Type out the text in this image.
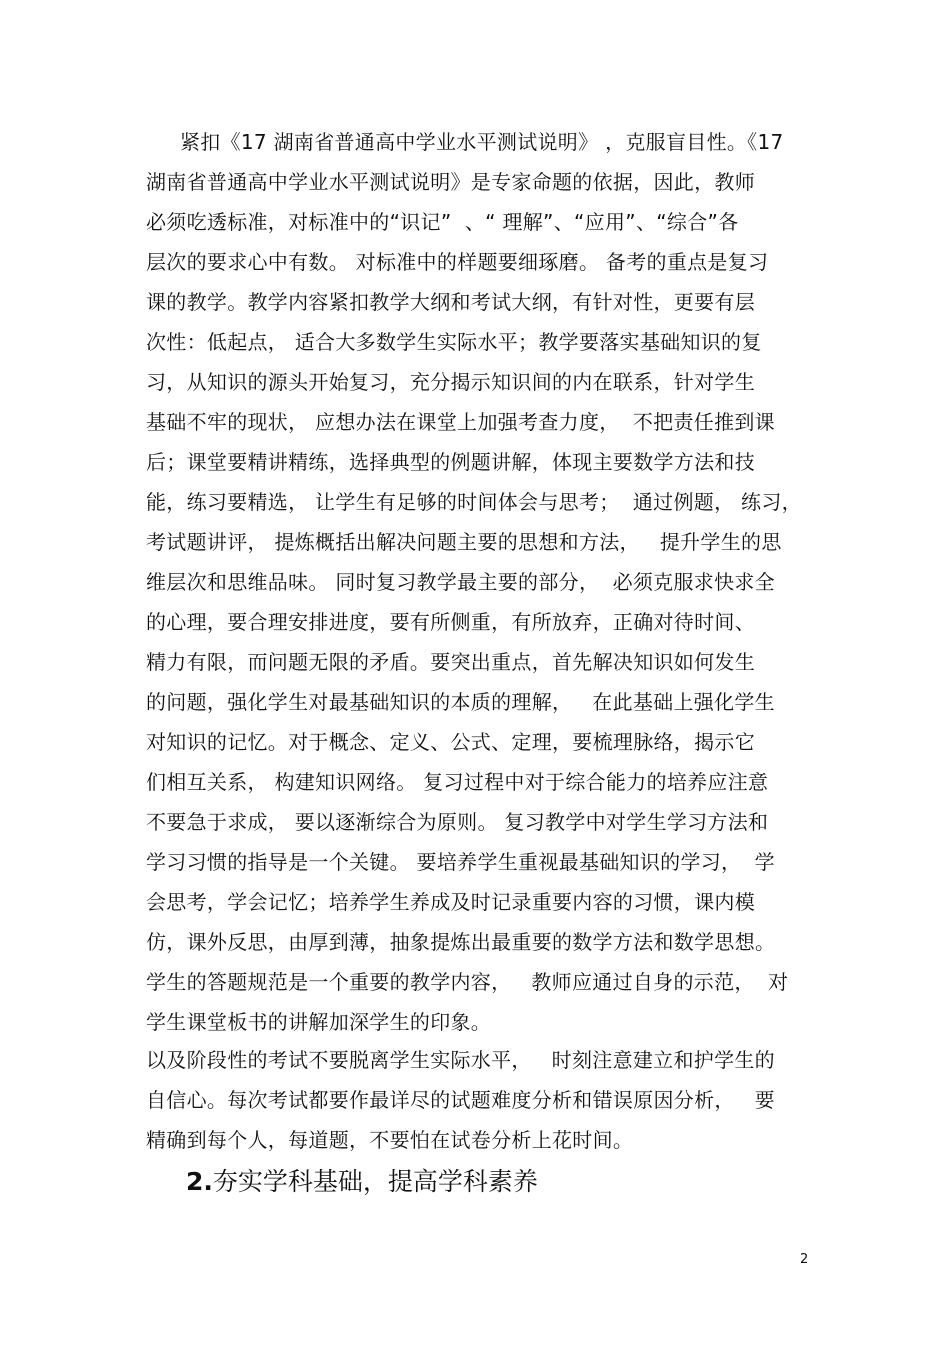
紧扣《17 湖南省普通高中学业水平测试说明》 ，克服盲目性。《17
湖南省普通高中学业水平测试说明》是专家命题的依据，因此，教师
必须吃透标准，对标准中的“识记”  、“ 理解”、“应用”、“综合”各
层次的要求心中有数。 对标准中的样题要细琢磨。 备考的重点是复习
课的教学。教学内容紧扣教学大纲和考试大纲，有针对性，更要有层
次性：低起点， 适合大多数学生实际水平；教学要落实基础知识的复
习，从知识的源头开始复习，充分揭示知识间的内在联系，针对学生
基础不牢的现状， 应想办法在课堂上加强考查力度，  不把责任推到课
后；课堂要精讲精练，选择典型的例题讲解，体现主要数学方法和技
能，练习要精选， 让学生有足够的时间体会与思考；  通过例题， 练习，
考试题讲评， 提炼概括出解决问题主要的思想和方法，   提升学生的思
维层次和思维品味。 同时复习教学最主要的部分，  必须克服求快求全
的心理，要合理安排进度，要有所侧重，有所放弃，正确对待时间、
精力有限，而问题无限的矛盾。要突出重点，首先解决知识如何发生
的问题，强化学生对最基础知识的本质的理解，   在此基础上强化学生
对知识的记忆。对于概念、定义、公式、定理，要梳理脉络，揭示它
们相互关系， 构建知识网络。 复习过程中对于综合能力的培养应注意
不要急于求成， 要以逐渐综合为原则。 复习教学中对学生学习方法和
学习习惯的指导是一个关键。 要培养学生重视最基础知识的学习，  学
会思考，学会记忆；培养学生养成及时记录重要内容的习惯，课内模
仿，课外反思，由厚到薄，抽象提炼出最重要的数学方法和数学思想。
学生的答题规范是一个重要的教学内容，   教师应通过自身的示范，  对
学生课堂板书的讲解加深学生的印象。
以及阶段性的考试不要脱离学生实际水平，   时刻注意建立和护学生的
自信心。每次考试都要作最详尽的试题难度分析和错误原因分析，   要
精确到每个人，每道题，不要怕在试卷分析上花时间。
2.夯实学科基础，提高学科素养
2
